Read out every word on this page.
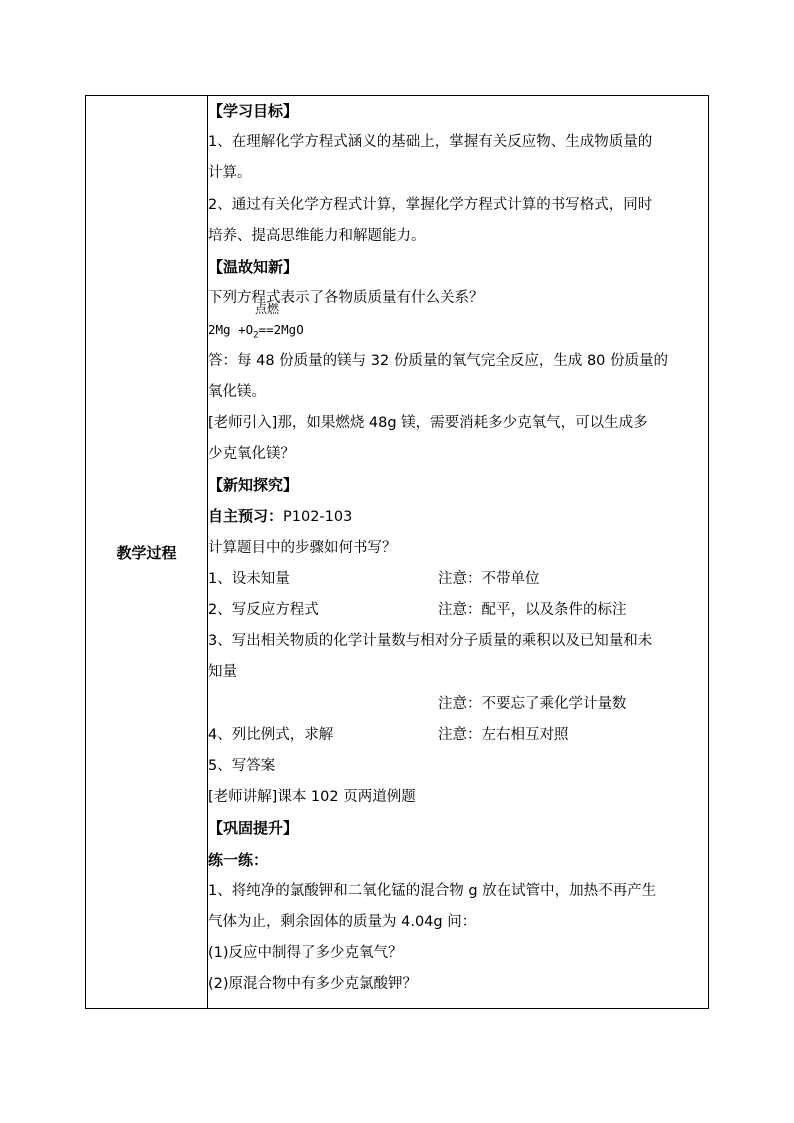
教学过程	
【学习目标】
1、在理解化学方程式涵义的基础上，掌握有关反应物、生成物质量的
计算。
2、通过有关化学方程式计算，掌握化学方程式计算的书写格式，同时
培养、提高思维能力和解题能力。
【温故知新】
下列方程式表示了各物质质量有什么关系？
点燃
$2Mg +O_2==2MgO$
答：每 48 份质量的镁与 32 份质量的氧气完全反应，生成 80 份质量的
氧化镁。
[老师引入]那，如果燃烧 48g 镁，需要消耗多少克氧气，可以生成多
少克氧化镁？
【新知探究】
自主预习：P102-103
计算题目中的步骤如何书写？
1、设未知量	注意：不带单位
2、写反应方程式	注意：配平，以及条件的标注
3、写出相关物质的化学计量数与相对分子质量的乘积以及已知量和未
知量
注意：不要忘了乘化学计量数
4、列比例式，求解	注意：左右相互对照
5、写答案
[老师讲解]课本 102 页两道例题
【巩固提升】
练一练：
1、将纯净的氯酸钾和二氧化锰的混合物 g 放在试管中，加热不再产生
气体为止，剩余固体的质量为 4.04g 问：
(1)反应中制得了多少克氧气？
(2)原混合物中有多少克氯酸钾？
